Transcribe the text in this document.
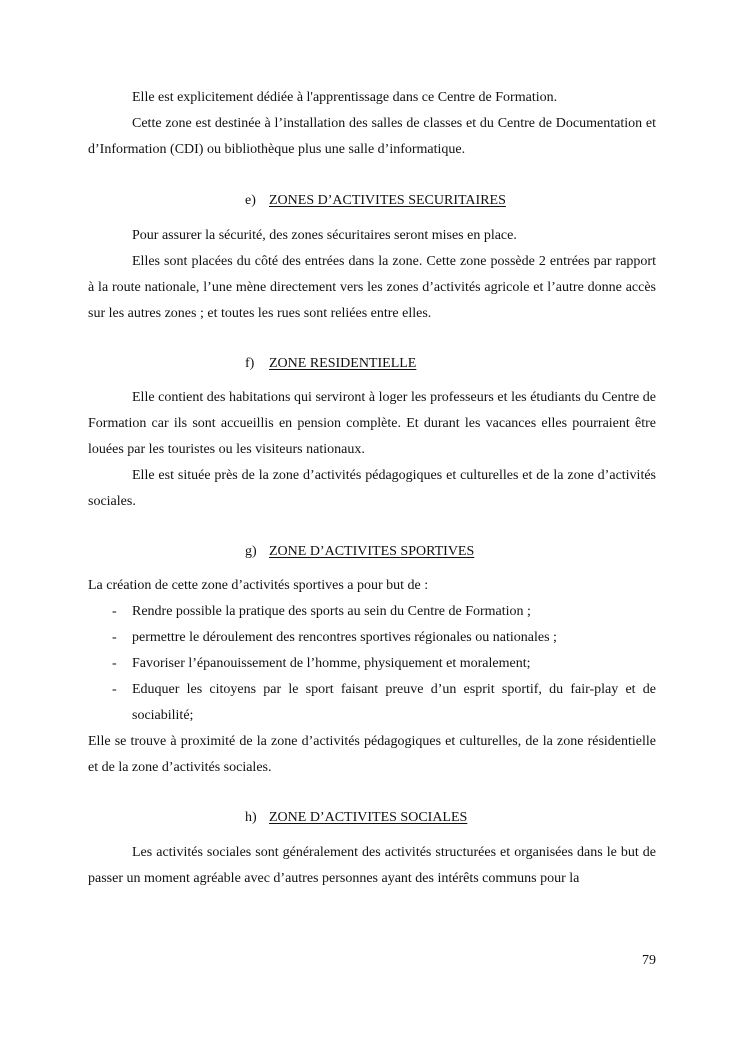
Elle est explicitement dédiée à l'apprentissage dans ce Centre de Formation.

Cette zone est destinée à l’installation des salles de classes et du Centre de Documentation et d’Information (CDI) ou bibliothèque plus une salle d’informatique.

e) ZONES D’ACTIVITES SECURITAIRES

Pour assurer la sécurité, des zones sécuritaires seront mises en place.

Elles sont placées du côté des entrées dans la zone. Cette zone possède 2 entrées par rapport à la route nationale, l’une mène directement vers les zones d’activités agricole et l’autre donne accès sur les autres zones ; et toutes les rues sont reliées entre elles.

f) ZONE RESIDENTIELLE

Elle contient des habitations qui serviront à loger les professeurs et les étudiants du Centre de Formation car ils sont accueillis en pension complète. Et durant les vacances elles pourraient être louées par les touristes ou les visiteurs nationaux.

Elle est située près de la zone d’activités pédagogiques et culturelles et de la zone d’activités sociales.

g) ZONE D’ACTIVITES SPORTIVES

La création de cette zone d’activités sportives a pour but de :

- Rendre possible la pratique des sports au sein du Centre de Formation ;
- permettre le déroulement des rencontres sportives régionales ou nationales ;
- Favoriser l’épanouissement de l’homme, physiquement et moralement;
- Eduquer les citoyens par le sport faisant preuve d’un esprit sportif, du fair-play et de sociabilité;

Elle se trouve à proximité de la zone d’activités pédagogiques et culturelles, de la zone résidentielle et de la zone d’activités sociales.

h) ZONE D’ACTIVITES SOCIALES

Les activités sociales sont généralement des activités structurées et organisées dans le but de passer un moment agréable avec d’autres personnes ayant des intérêts communs pour la

79
